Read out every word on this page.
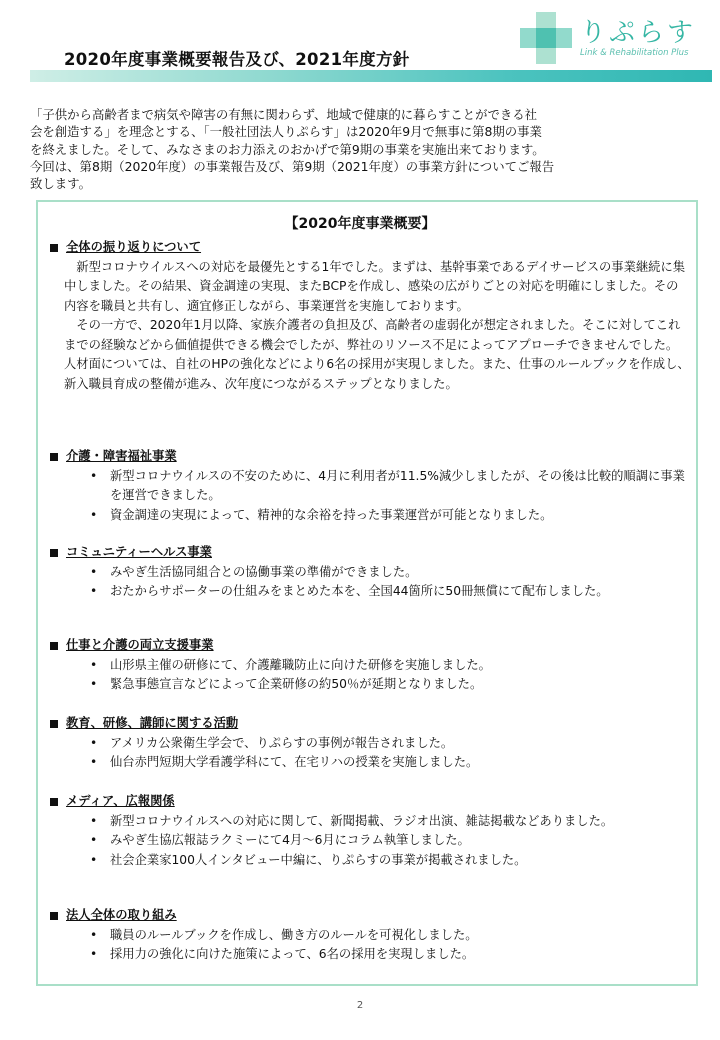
2020年度事業概要報告及び、2021年度方針
りぷらす
Link & Rehabilitation Plus

「子供から高齢者まで病気や障害の有無に関わらず、地域で健康的に暮らすことができる社

会を創造する」を理念とする、「一般社団法人りぷらす」は2020年9月で無事に第8期の事業

を終えました。そして、みなさまのお力添えのおかげで第9期の事業を実施出来ております。

今回は、第8期（2020年度）の事業報告及び、第9期（2021年度）の事業方針についてご報告

致します。

【2020年度事業概要】
全体の振り返りについて

新型コロナウイルスへの対応を最優先とする1年でした。まずは、基幹事業であるデイサービスの事業継続に集中しました。その結果、資金調達の実現、またBCPを作成し、感染の広がりごとの対応を明確にしました。その内容を職員と共有し、適宜修正しながら、事業運営を実施しております。

その一方で、2020年1月以降、家族介護者の負担及び、高齢者の虚弱化が想定されました。そこに対してこれまでの経験などから価値提供できる機会でしたが、弊社のリソース不足によってアプローチできませんでした。人材面については、自社のHPの強化などにより6名の採用が実現しました。また、仕事のルールブックを作成し、新入職員育成の整備が進み、次年度につながるステップとなりました。

介護・障害福祉事業
• 新型コロナウイルスの不安のために、4月に利用者が11.5%減少しましたが、その後は比較的順調に事業を運営できました。
• 資金調達の実現によって、精神的な余裕を持った事業運営が可能となりました。
コミュニティーヘルス事業
• みやぎ生活協同組合との協働事業の準備ができました。
• おたからサポーターの仕組みをまとめた本を、全国44箇所に50冊無償にて配布しました。
仕事と介護の両立支援事業
• 山形県主催の研修にて、介護離職防止に向けた研修を実施しました。
• 緊急事態宣言などによって企業研修の約50％が延期となりました。
教育、研修、講師に関する活動
• アメリカ公衆衛生学会で、りぷらすの事例が報告されました。
• 仙台赤門短期大学看護学科にて、在宅リハの授業を実施しました。
メディア、広報関係
• 新型コロナウイルスへの対応に関して、新聞掲載、ラジオ出演、雑誌掲載などありました。
• みやぎ生協広報誌ラクミーにて4月～6月にコラム執筆しました。
• 社会企業家100人インタビュー中編に、りぷらすの事業が掲載されました。
法人全体の取り組み
• 職員のルールブックを作成し、働き方のルールを可視化しました。
• 採用力の強化に向けた施策によって、6名の採用を実現しました。
2
